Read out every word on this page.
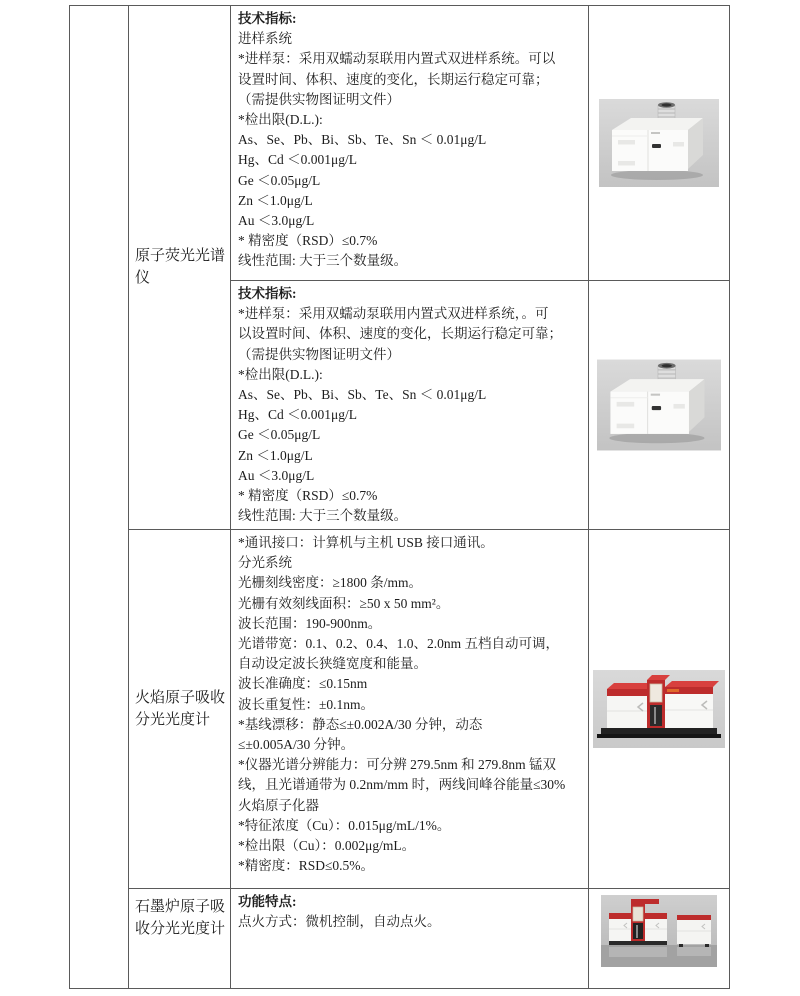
原子荧光光谱仪
火焰原子吸收分光光度计
石墨炉原子吸收分光光度计
技术指标:
进样系统
*进样泵：采用双蠕动泵联用内置式双进样系统。可以
设置时间、体积、速度的变化，长期运行稳定可靠；
（需提供实物图证明文件）
*检出限(D.L.):
As、Se、Pb、Bi、Sb、Te、Sn ＜ 0.01μg/L
Hg、Cd ＜0.001μg/L
Ge ＜0.05μg/L
Zn ＜1.0μg/L
Au ＜3.0μg/L
* 精密度（RSD）≤0.7%
线性范围: 大于三个数量级。
技术指标:
*进样泵：采用双蠕动泵联用内置式双进样系统，。可
以设置时间、体积、速度的变化，长期运行稳定可靠；
（需提供实物图证明文件）
*检出限(D.L.):
As、Se、Pb、Bi、Sb、Te、Sn ＜ 0.01μg/L
Hg、Cd ＜0.001μg/L
Ge ＜0.05μg/L
Zn ＜1.0μg/L
Au ＜3.0μg/L
* 精密度（RSD）≤0.7%
线性范围: 大于三个数量级。
*通讯接口：计算机与主机 USB 接口通讯。
分光系统
光栅刻线密度：≥1800 条/mm。
光栅有效刻线面积：≥50 x 50 mm²。
波长范围：190-900nm。
光谱带宽：0.1、0.2、0.4、1.0、2.0nm 五档自动可调，
自动设定波长狭缝宽度和能量。
波长准确度：≤0.15nm
波长重复性：±0.1nm。
*基线漂移：静态≤±0.002A/30 分钟，动态
≤±0.005A/30 分钟。
*仪器光谱分辨能力：可分辨 279.5nm 和 279.8nm 锰双
线，且光谱通带为 0.2nm/mm 时，两线间峰谷能量≤30%
火焰原子化器
*特征浓度（Cu）：0.015μg/mL/1%。
*检出限（Cu）：0.002μg/mL。
*精密度：RSD≤0.5%。
功能特点:
点火方式：微机控制，自动点火。
